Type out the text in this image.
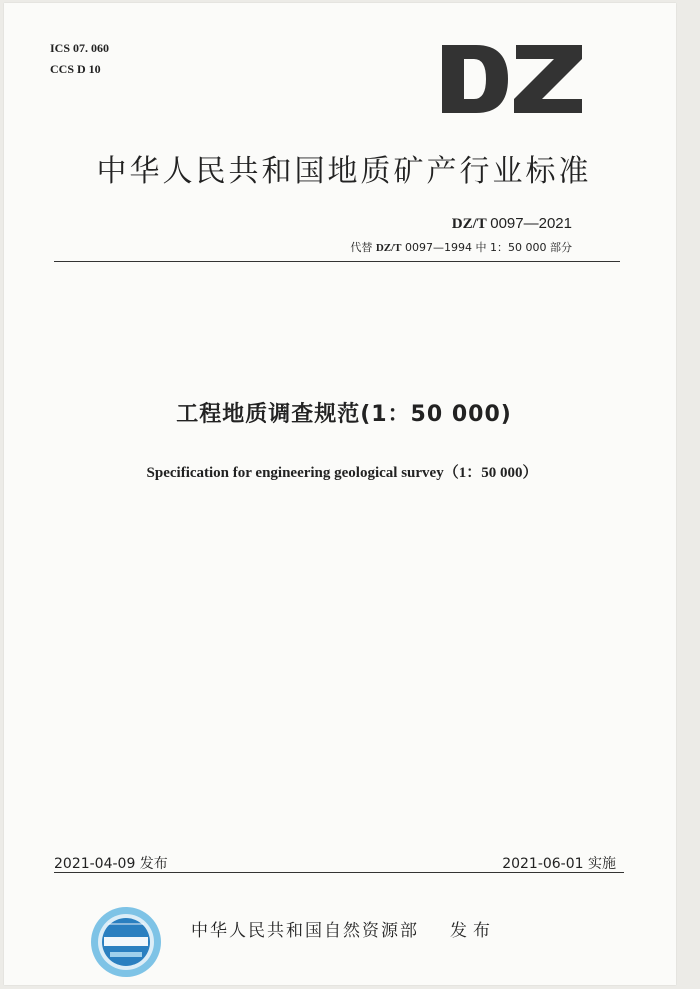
ICS 07. 060
CCS D 10
中华人民共和国地质矿产行业标准
DZ/T 0097—2021
代替 DZ/T 0097—1994 中 1：50 000 部分
工程地质调查规范(1：50 000)
Specification for engineering geological survey（1：50 000）
2021-04-09 发布	2021-06-01 实施
中华人民共和国自然资源部 发布
